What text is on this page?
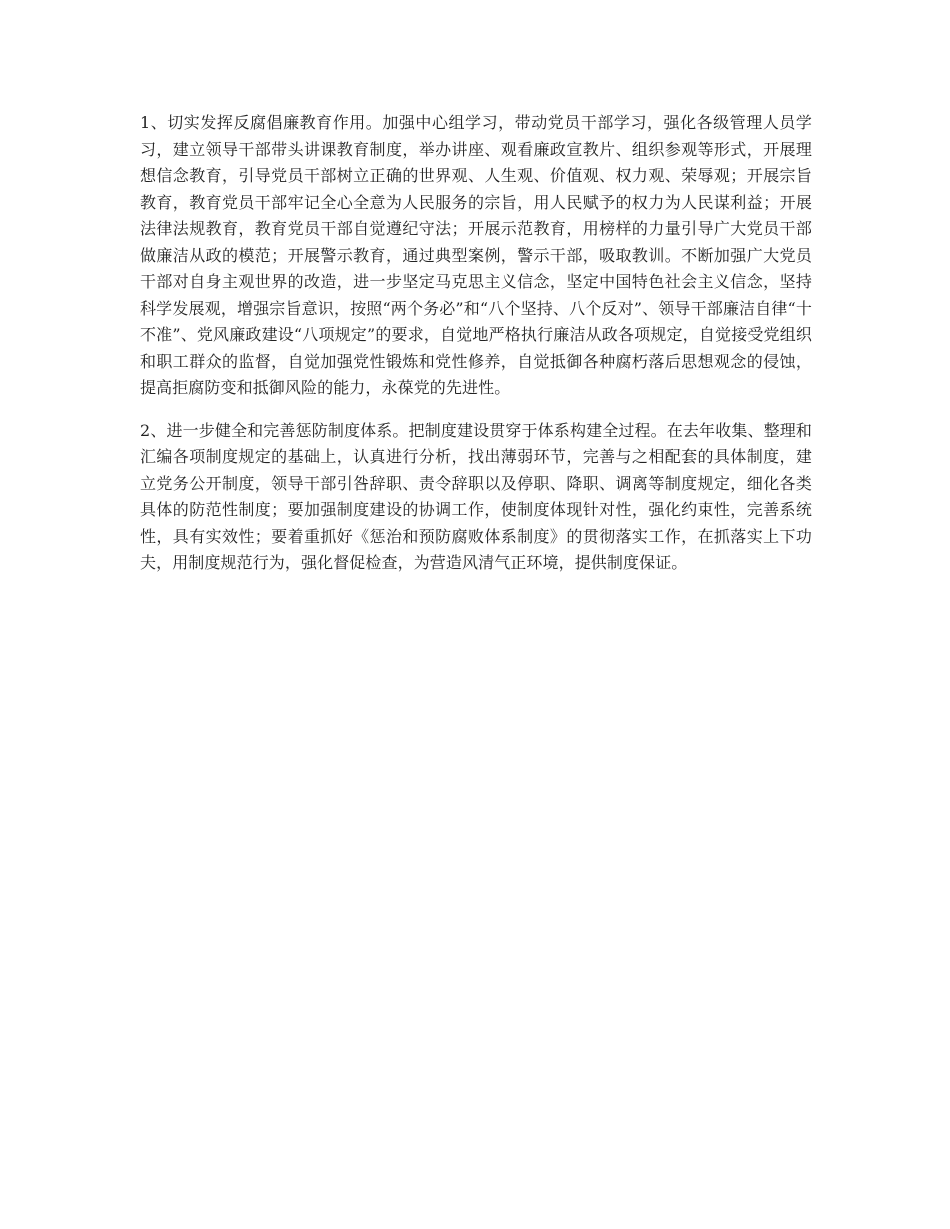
1、切实发挥反腐倡廉教育作用。加强中心组学习，带动党员干部学习，强化各级管理人员学习，建立领导干部带头讲课教育制度，举办讲座、观看廉政宣教片、组织参观等形式，开展理想信念教育，引导党员干部树立正确的世界观、人生观、价值观、权力观、荣辱观；开展宗旨教育，教育党员干部牢记全心全意为人民服务的宗旨，用人民赋予的权力为人民谋利益；开展法律法规教育，教育党员干部自觉遵纪守法；开展示范教育，用榜样的力量引导广大党员干部做廉洁从政的模范；开展警示教育，通过典型案例，警示干部，吸取教训。不断加强广大党员干部对自身主观世界的改造，进一步坚定马克思主义信念，坚定中国特色社会主义信念，坚持科学发展观，增强宗旨意识，按照“两个务必”和“八个坚持、八个反对”、领导干部廉洁自律“十不准”、党风廉政建设“八项规定”的要求，自觉地严格执行廉洁从政各项规定，自觉接受党组织和职工群众的监督，自觉加强党性锻炼和党性修养，自觉抵御各种腐朽落后思想观念的侵蚀，提高拒腐防变和抵御风险的能力，永葆党的先进性。

2、进一步健全和完善惩防制度体系。把制度建设贯穿于体系构建全过程。在去年收集、整理和汇编各项制度规定的基础上，认真进行分析，找出薄弱环节，完善与之相配套的具体制度，建立党务公开制度，领导干部引咎辞职、责令辞职以及停职、降职、调离等制度规定，细化各类具体的防范性制度；要加强制度建设的协调工作，使制度体现针对性，强化约束性，完善系统性，具有实效性；要着重抓好《惩治和预防腐败体系制度》的贯彻落实工作，在抓落实上下功夫，用制度规范行为，强化督促检查，为营造风清气正环境，提供制度保证。
